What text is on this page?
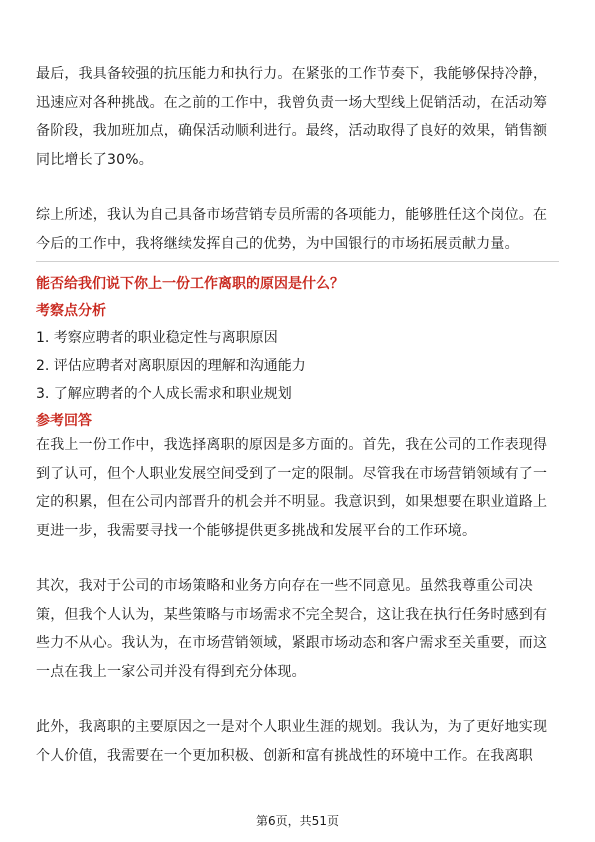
最后，我具备较强的抗压能力和执行力。在紧张的工作节奏下，我能够保持冷静，迅速应对各种挑战。在之前的工作中，我曾负责一场大型线上促销活动，在活动筹备阶段，我加班加点，确保活动顺利进行。最终，活动取得了良好的效果，销售额同比增长了30%。

综上所述，我认为自己具备市场营销专员所需的各项能力，能够胜任这个岗位。在今后的工作中，我将继续发挥自己的优势，为中国银行的市场拓展贡献力量。

能否给我们说下你上一份工作离职的原因是什么？
考察点分析
1. 考察应聘者的职业稳定性与离职原因
2. 评估应聘者对离职原因的理解和沟通能力
3. 了解应聘者的个人成长需求和职业规划
参考回答

在我上一份工作中，我选择离职的原因是多方面的。首先，我在公司的工作表现得到了认可，但个人职业发展空间受到了一定的限制。尽管我在市场营销领域有了一定的积累，但在公司内部晋升的机会并不明显。我意识到，如果想要在职业道路上更进一步，我需要寻找一个能够提供更多挑战和发展平台的工作环境。

其次，我对于公司的市场策略和业务方向存在一些不同意见。虽然我尊重公司决策，但我个人认为，某些策略与市场需求不完全契合，这让我在执行任务时感到有些力不从心。我认为，在市场营销领域，紧跟市场动态和客户需求至关重要，而这一点在我上一家公司并没有得到充分体现。

此外，我离职的主要原因之一是对个人职业生涯的规划。我认为，为了更好地实现个人价值，我需要在一个更加积极、创新和富有挑战性的环境中工作。在我离职

第6页，共51页
